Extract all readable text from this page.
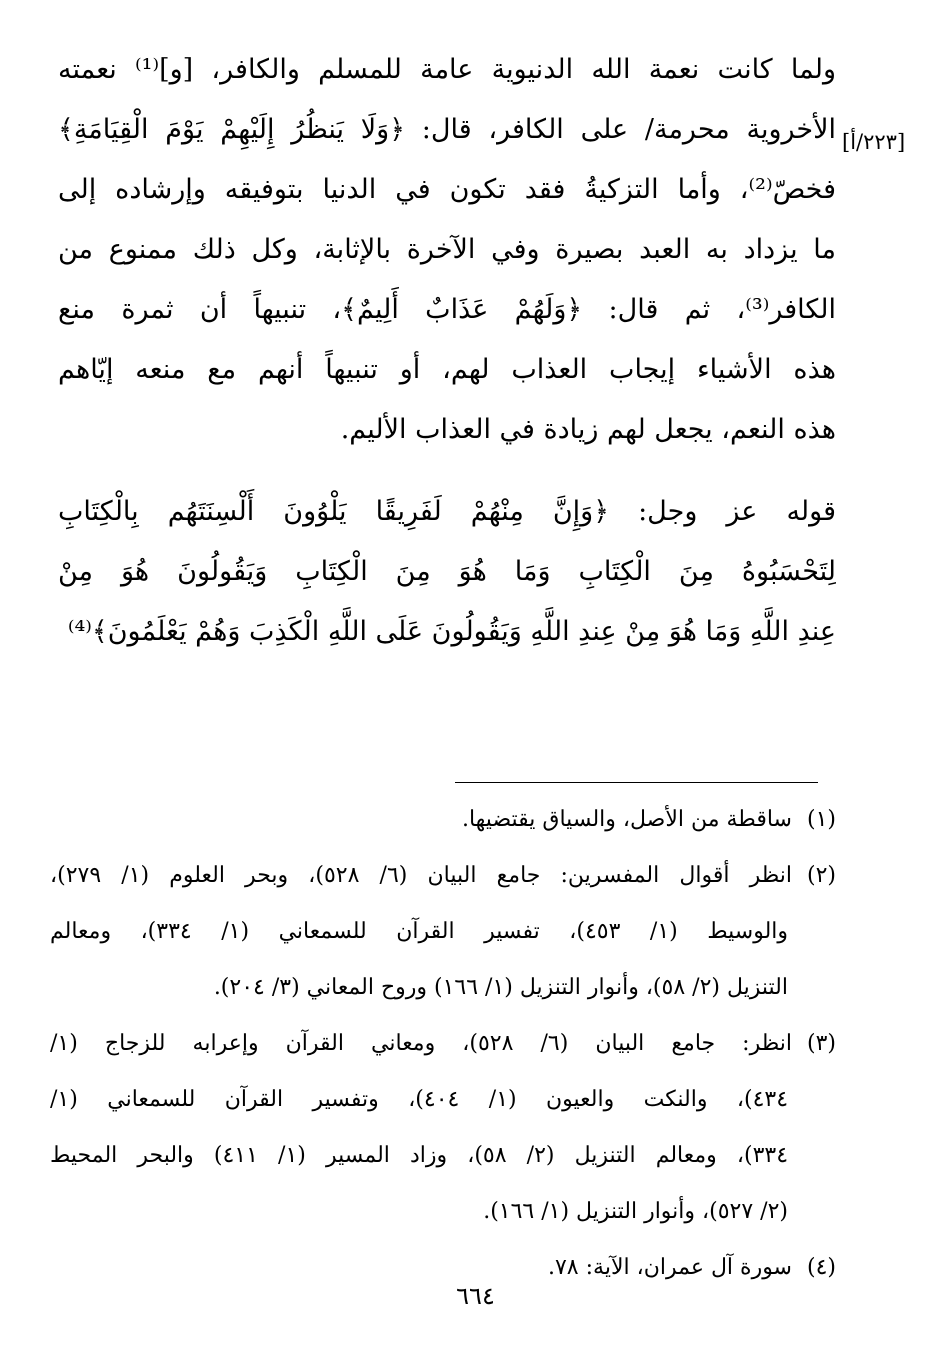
[٢٢٣/أ]
ولما كانت نعمة الله الدنيوية عامة للمسلم والكافر، [و]⁽¹⁾ نعمته
الأخروية محرمة/ على الكافر، قال: ﴿وَلَا يَنظُرُ إِلَيْهِمْ يَوْمَ الْقِيَامَةِ﴾
فخصّ⁽²⁾، وأما التزكيةُ فقد تكون في الدنيا بتوفيقه وإرشاده إلى
ما يزداد به العبد بصيرة وفي الآخرة بالإثابة، وكل ذلك ممنوع من
الكافر⁽³⁾، ثم قال: ﴿وَلَهُمْ عَذَابٌ أَلِيمٌ﴾، تنبيهاً أن ثمرة منع
هذه الأشياء إيجاب العذاب لهم، أو تنبيهاً أنهم مع منعه إيّاهم
هذه النعم، يجعل لهم زيادة في العذاب الأليم.
قوله عز وجل: ﴿وَإِنَّ مِنْهُمْ لَفَرِيقًا يَلْوُونَ أَلْسِنَتَهُم بِالْكِتَابِ
لِتَحْسَبُوهُ مِنَ الْكِتَابِ وَمَا هُوَ مِنَ الْكِتَابِ وَيَقُولُونَ هُوَ مِنْ
عِندِ اللَّهِ وَمَا هُوَ مِنْ عِندِ اللَّهِ وَيَقُولُونَ عَلَى اللَّهِ الْكَذِبَ وَهُمْ يَعْلَمُونَ﴾⁽⁴⁾
(١)ساقطة من الأصل، والسياق يقتضيها.
(٢)انظر أقوال المفسرين: جامع البيان (٦/ ٥٢٨)، وبحر العلوم (١/ ٢٧٩)،
والوسيط (١/ ٤٥٣)، تفسير القرآن للسمعاني (١/ ٣٣٤)، ومعالم
التنزيل (٢/ ٥٨)، وأنوار التنزيل (١/ ١٦٦) وروح المعاني (٣/ ٢٠٤).
(٣)انظر: جامع البيان (٦/ ٥٢٨)، ومعاني القرآن وإعرابه للزجاج (١/
٤٣٤)، والنكت والعيون (١/ ٤٠٤)، وتفسير القرآن للسمعاني (١/
٣٣٤)، ومعالم التنزيل (٢/ ٥٨)، وزاد المسير (١/ ٤١١) والبحر المحيط
(٢/ ٥٢٧)، وأنوار التنزيل (١/ ١٦٦).
(٤)سورة آل عمران، الآية: ٧٨.
٦٦٤
